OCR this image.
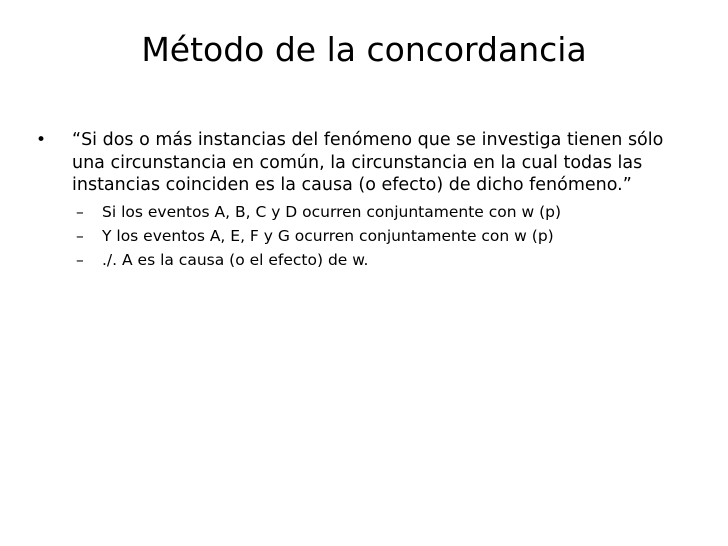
Método de la concordancia
•	“Si dos o más instancias del fenómeno que se investiga tienen sólo una circunstancia en común, la circunstancia en la cual todas las instancias coinciden es la causa (o efecto) de dicho fenómeno.”
–	Si los eventos A, B, C y D ocurren conjuntamente con w (p)
–	Y los eventos A, E, F y G ocurren conjuntamente con w (p)
–	./. A es la causa (o el efecto) de w.
